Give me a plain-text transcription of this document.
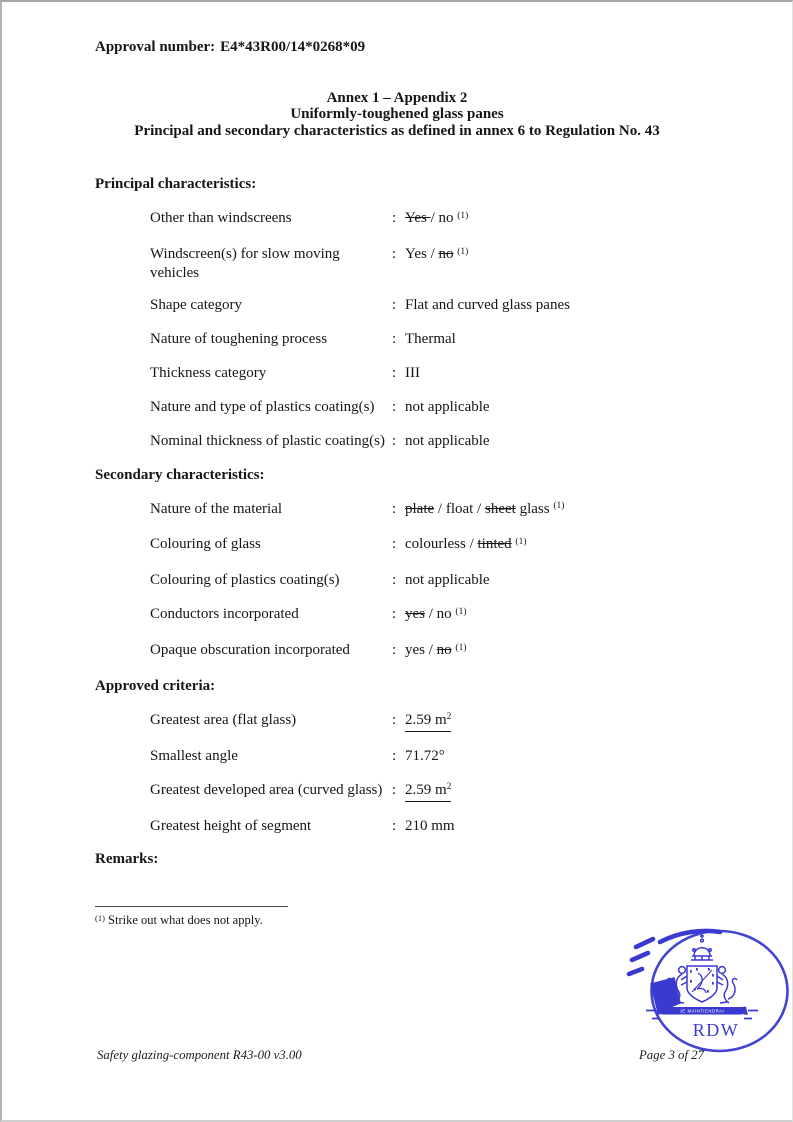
Approval number: E4*43R00/14*0268*09
Annex 1 – Appendix 2
Uniformly-toughened glass panes
Principal and secondary characteristics as defined in annex 6 to Regulation No. 43
Principal characteristics:
Other than windscreens	: Yes / no $^{(1)}$
Windscreen(s) for slow moving
vehicles
: Yes / no $^{(1)}$
Shape category	: Flat and curved glass panes
Nature of toughening process	: Thermal
Thickness category	: III
Nature and type of plastics coating(s)	: not applicable
Nominal thickness of plastic coating(s) : not applicable
Secondary characteristics:
Nature of the material	: plate / float / sheet glass $^{(1)}$
Colouring of glass	: colourless / tinted $^{(1)}$
Colouring of plastics coating(s)	: not applicable
Conductors incorporated	: yes / no $^{(1)}$
Opaque obscuration incorporated	: yes / no $^{(1)}$
Approved criteria:
Greatest area (flat glass)	: 2.59 $m^2$
Smallest angle	: 71.72°
Greatest developed area (curved glass) : 2.59 $m^2$
Greatest height of segment	: 210 mm
Remarks:
$^{(1)}$ Strike out what does not apply.
JE MAINTIENDRAI
RDW
Safety glazing-component R43-00 v3.00	Page 3 of 27
